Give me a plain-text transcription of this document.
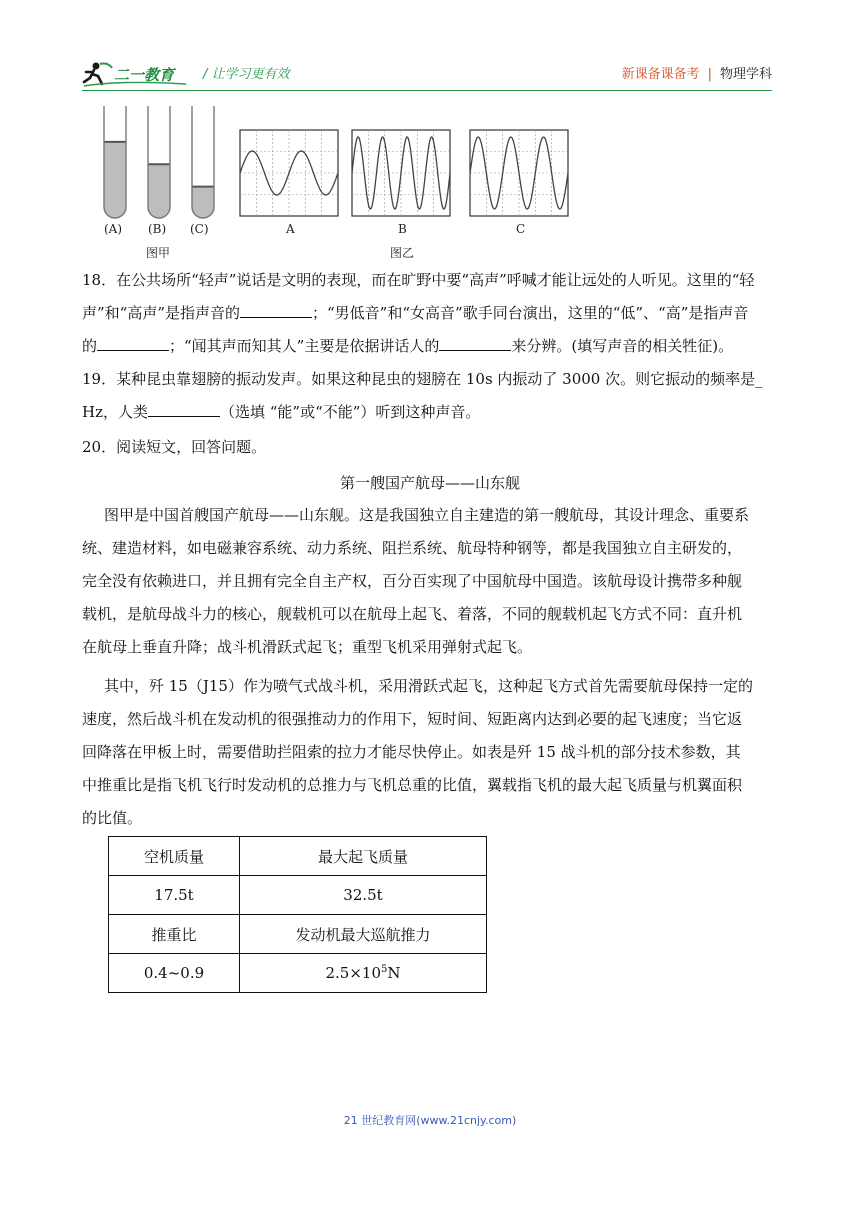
二一教育 / 让学习更有效	新课备课备考 | 物理学科
(A) (B) (C)
图甲
A	B	C
图乙
18．在公共场所“轻声”说话是文明的表现，而在旷野中要“高声”呼喊才能让远处的人听见。这里的“轻
声”和“高声”是指声音的	；“男低音”和“女高音”歌手同台演出，这里的“低”、“高”是指声音
的	；“闻其声而知其人”主要是依据讲话人的	来分辨。(填写声音的相关牲征)。
19．某种昆虫靠翅膀的振动发声。如果这种昆虫的翅膀在 10s 内振动了 3000 次。则它振动的频率是_
Hz，人类	（选填 “能”或“不能”）听到这种声音。
20．阅读短文，回答问题。
第一艘国产航母——山东舰
图甲是中国首艘国产航母——山东舰。这是我国独立自主建造的第一艘航母，其设计理念、重要系
统、建造材料，如电磁兼容系统、动力系统、阻拦系统、航母特种钢等，都是我国独立自主研发的，
完全没有依赖进口，并且拥有完全自主产权，百分百实现了中国航母中国造。该航母设计携带多种舰
载机，是航母战斗力的核心，舰载机可以在航母上起飞、着落，不同的舰载机起飞方式不同：直升机
在航母上垂直升降；战斗机滑跃式起飞；重型飞机采用弹射式起飞。
其中，歼 15（J15）作为喷气式战斗机，采用滑跃式起飞，这种起飞方式首先需要航母保持一定的
速度，然后战斗机在发动机的很强推动力的作用下，短时间、短距离内达到必要的起飞速度；当它返
回降落在甲板上时，需要借助拦阻索的拉力才能尽快停止。如表是歼 15 战斗机的部分技术参数，其
中推重比是指飞机飞行时发动机的总推力与飞机总重的比值，翼载指飞机的最大起飞质量与机翼面积
的比值。
空机质量	最大起飞质量
17.5t	32.5t
推重比	发动机最大巡航推力
0.4~0.9	$2.5\times 10^5N$
21 世纪教育网(www.21cnjy.com)
